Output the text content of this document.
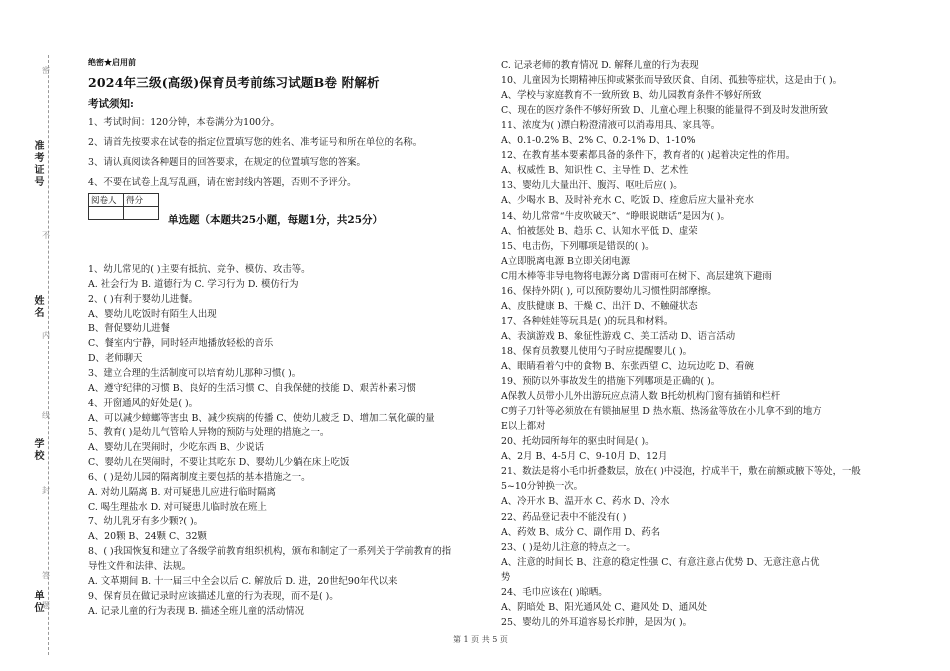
准考证号
姓名
学校
单位
密
不
内
线
封
答
题
绝密★启用前
2024年三级(高级)保育员考前练习试题B卷 附解析
考试须知:
1、考试时间：120分钟，本卷满分为100分。
2、请首先按要求在试卷的指定位置填写您的姓名、准考证号和所在单位的名称。
3、请认真阅读各种题目的回答要求，在规定的位置填写您的答案。
4、不要在试卷上乱写乱画，请在密封线内答题，否则不予评分。
阅卷人	得分

单选题（本题共25小题，每题1分，共25分）
1、幼儿常见的( )主要有抵抗、竞争、模仿、攻击等。
A. 社会行为 B. 道德行为 C. 学习行为 D. 模仿行为
2、( )有利于婴幼儿进餐。
A、婴幼儿吃饭时有陌生人出现
B、督促婴幼儿进餐
C、餐室内宁静，同时轻声地播放轻松的音乐
D、老师聊天
3、建立合理的生活制度可以培育幼儿那种习惯( )。
A、遵守纪律的习惯 B、良好的生活习惯 C、自我保健的技能 D、艰苦朴素习惯
4、开窗通风的好处是( )。
A、可以减少蟑螂等害虫 B、减少疾病的传播 C、使幼儿疲乏 D、增加二氧化碳的量
5、教育( )是幼儿气管哈人异物的预防与处理的措施之一。
A、婴幼儿在哭闹时，少吃东西 B、少说话
C、婴幼儿在哭闹时，不要让其吃东 D、婴幼儿少躺在床上吃饭
6、( )是幼儿园的隔离制度主要包括的基本措施之一。
A. 对幼儿隔离 B. 对可疑患儿应进行临时隔离
C. 喝生理盐水 D. 对可疑患儿临时放在班上
7、幼儿乳牙有多少颗?( )。
A、20颗 B、24颗 C、32颗
8、( )我国恢复和建立了各级学前教育组织机构，颁布和制定了一系列关于学前教育的指
导性文件和法律、法规。
A. 文革期间 B. 十一届三中全会以后 C. 解放后 D. 进，20世纪90年代以来
9、保育员在做记录时应该描述儿童的行为表现，而不是( )。
A. 记录儿童的行为表现 B. 描述全班儿童的活动情况
C. 记录老师的教育情况 D. 解释儿童的行为表现
10、儿童因为长期精神压抑或紧张而导致厌食、自闭、孤独等症状，这是由于( )。
A、学校与家庭教育不一致所致 B、幼儿园教育条件不够好所致
C、现在的医疗条件不够好所致 D、儿童心理上积聚的能量得不到及时发泄所致
11、浓度为( )漂白粉澄清液可以消毒用具、家具等。
A、0.1-0.2% B、2% C、0.2-1% D、1-10%
12、在教育基本要素都具备的条件下，教育者的( )起着决定性的作用。
A、权威性 B、知识性 C、主导性 D、艺术性
13、婴幼儿大量出汗、腹泻、呕吐后应( )。
A、少喝水 B、及时补充水 C、吃饭 D、痊愈后应大量补充水
14、幼儿常常“牛皮吹破天”、“睁眼说瞎话”是因为( )。
A、怕被惩处 B、趋乐 C、认知水平低 D、虚荣
15、电击伤，下列哪项是错误的( )。
A立即脱离电源 B立即关闭电源
C用木棒等非导电物将电源分离 D雷雨可在树下、高层建筑下避雨
16、保持外阴( ), 可以预防婴幼儿习惯性阴部摩擦。
A、皮肤健康 B、干燥 C、出汗 D、不触碰状态
17、各种娃娃等玩具是( )的玩具和材料。
A、表演游戏 B、象征性游戏 C、美工活动 D、语言活动
18、保育员教婴儿使用勺子时应提醒婴儿( )。
A、眼睛看着勺中的食物 B、东张西望 C、边玩边吃 D、看碗
19、预防以外事故发生的措施下列哪项是正确的( )。
A保教人员带小儿外出游玩应点清人数 B托幼机构门窗有插销和栏杆
C剪子刀针等必须放在有锁抽屉里 D 热水瓶、热汤盆等放在小儿拿不到的地方
E以上都对
20、托幼园所每年的驱虫时间是( )。
A、2月 B、4-5月 C、9-10月 D、12月
21、数法是将小毛巾折叠数层，放在( )中浸泡，拧成半干，敷在前额或腋下等处，一般
5~10分钟换一次。
A、冷开水 B、温开水 C、药水 D、冷水
22、药品登记表中不能没有( )
A、药效 B、成分 C、副作用 D、药名
23、( )是幼儿注意的特点之一。
A、注意的时间长 B、注意的稳定性强 C、有意注意占优势 D、无意注意占优
势
24、毛巾应该在( )晾晒。
A、阴暗处 B、阳光通风处 C、避风处 D、通风处
25、婴幼儿的外耳道容易长疖肿，是因为( )。
第 1 页 共 5 页
